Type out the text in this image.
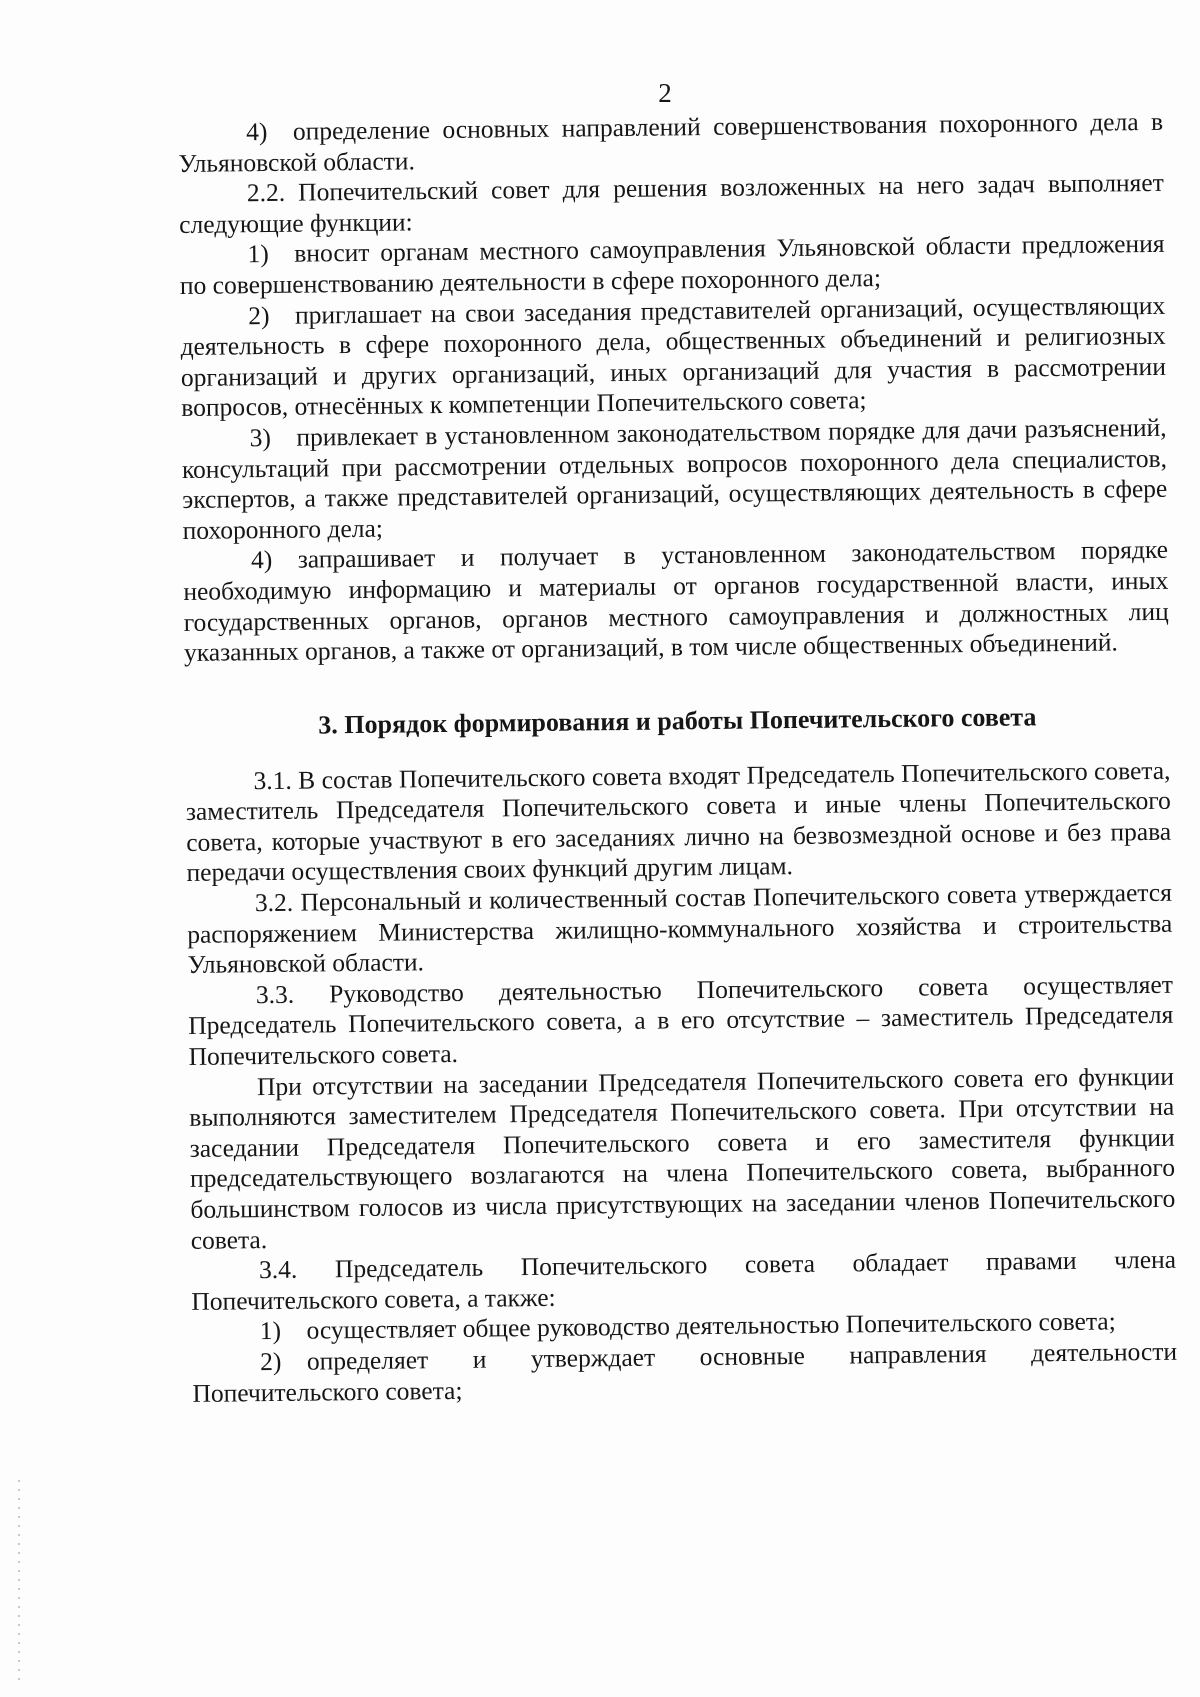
2

4) определение основных направлений совершенствования похоронного дела в Ульяновской области.

2.2. Попечительский совет для решения возложенных на него задач выполняет следующие функции:

1) вносит органам местного самоуправления Ульяновской области предложения по совершенствованию деятельности в сфере похоронного дела;

2) приглашает на свои заседания представителей организаций, осуществляющих деятельность в сфере похоронного дела, общественных объединений и религиозных организаций и других организаций, иных организаций для участия в рассмотрении вопросов, отнесённых к компетенции Попечительского совета;

3) привлекает в установленном законодательством порядке для дачи разъяснений, консультаций при рассмотрении отдельных вопросов похоронного дела специалистов, экспертов, а также представителей организаций, осуществляющих деятельность в сфере похоронного дела;

4) запрашивает и получает в установленном законодательством порядке необходимую информацию и материалы от органов государственной власти, иных государственных органов, органов местного самоуправления и должностных лиц указанных органов, а также от организаций, в том числе общественных объединений.

3. Порядок формирования и работы Попечительского совета

3.1. В состав Попечительского совета входят Председатель Попечительского совета, заместитель Председателя Попечительского совета и иные члены Попечительского совета, которые участвуют в его заседаниях лично на безвозмездной основе и без права передачи осуществления своих функций другим лицам.

3.2. Персональный и количественный состав Попечительского совета утверждается распоряжением Министерства жилищно-коммунального хозяйства и строительства Ульяновской области.

3.3. Руководство деятельностью Попечительского совета осуществляет Председатель Попечительского совета, а в его отсутствие – заместитель Председателя Попечительского совета.

При отсутствии на заседании Председателя Попечительского совета его функции выполняются заместителем Председателя Попечительского совета. При отсутствии на заседании Председателя Попечительского совета и его заместителя функции председательствующего возлагаются на члена Попечительского совета, выбранного большинством голосов из числа присутствующих на заседании членов Попечительского совета.

3.4. Председатель Попечительского совета обладает правами члена Попечительского совета, а также:

1) осуществляет общее руководство деятельностью Попечительского совета;

2) определяет и утверждает основные направления деятельности Попечительского совета;
